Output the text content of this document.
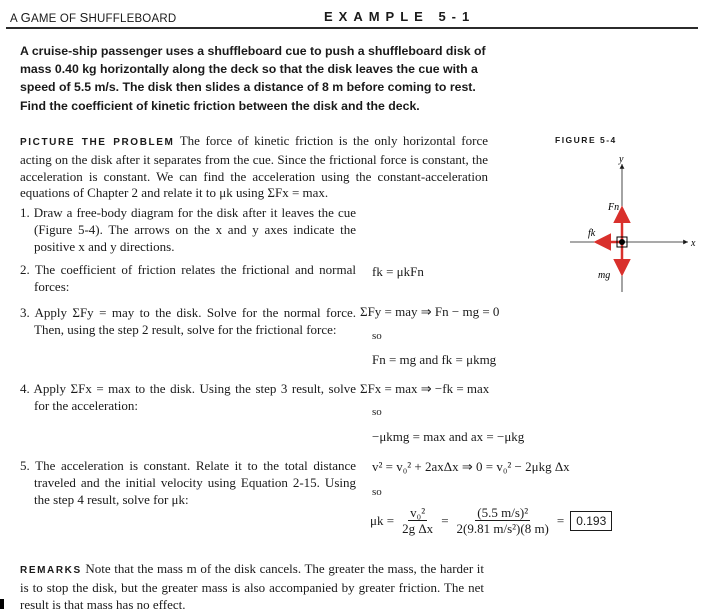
A GAME OF SHUFFLEBOARD	EXAMPLE 5-1
A cruise-ship passenger uses a shuffleboard cue to push a shuffleboard disk of mass 0.40 kg horizontally along the deck so that the disk leaves the cue with a speed of 5.5 m/s. The disk then slides a distance of 8 m before coming to rest. Find the coefficient of kinetic friction between the disk and the deck.
PICTURE THE PROBLEM The force of kinetic friction is the only horizontal force acting on the disk after it separates from the cue. Since the frictional force is constant, the acceleration is constant. We can find the acceleration using the constant-acceleration equations of Chapter 2 and relate it to μk using ΣFx = max.
1. Draw a free-body diagram for the disk after it leaves the cue (Figure 5-4). The arrows on the x and y axes indicate the positive x and y directions.
2. The coefficient of friction relates the frictional and normal forces:
fk = μkFn
3. Apply ΣFy = may to the disk. Solve for the normal force. Then, using the step 2 result, solve for the frictional force:
ΣFy = may ⇒ Fn − mg = 0
so
Fn = mg and fk = μkmg
4. Apply ΣFx = max to the disk. Using the step 3 result, solve for the acceleration:
ΣFx = max ⇒ −fk = max
so
−μkmg = max and ax = −μkg
5. The acceleration is constant. Relate it to the total distance traveled and the initial velocity using Equation 2-15. Using the step 4 result, solve for μk:
v² = v₀² + 2axΔx ⇒ 0 = v₀² − 2μkg Δx
so
$\mu k = \frac{\text{v₀²}}{\text{2g Δx}} = \frac{\text{(5.5 m/s)²}}{\text{2(9.81 m/s²)(8 m)}}$ =	0.193
REMARKS Note that the mass m of the disk cancels. The greater the mass, the harder it is to stop the disk, but the greater mass is also accompanied by greater friction. The net result is that mass has no effect.
FIGURE 5-4
y
x
Fn
fk
mg
